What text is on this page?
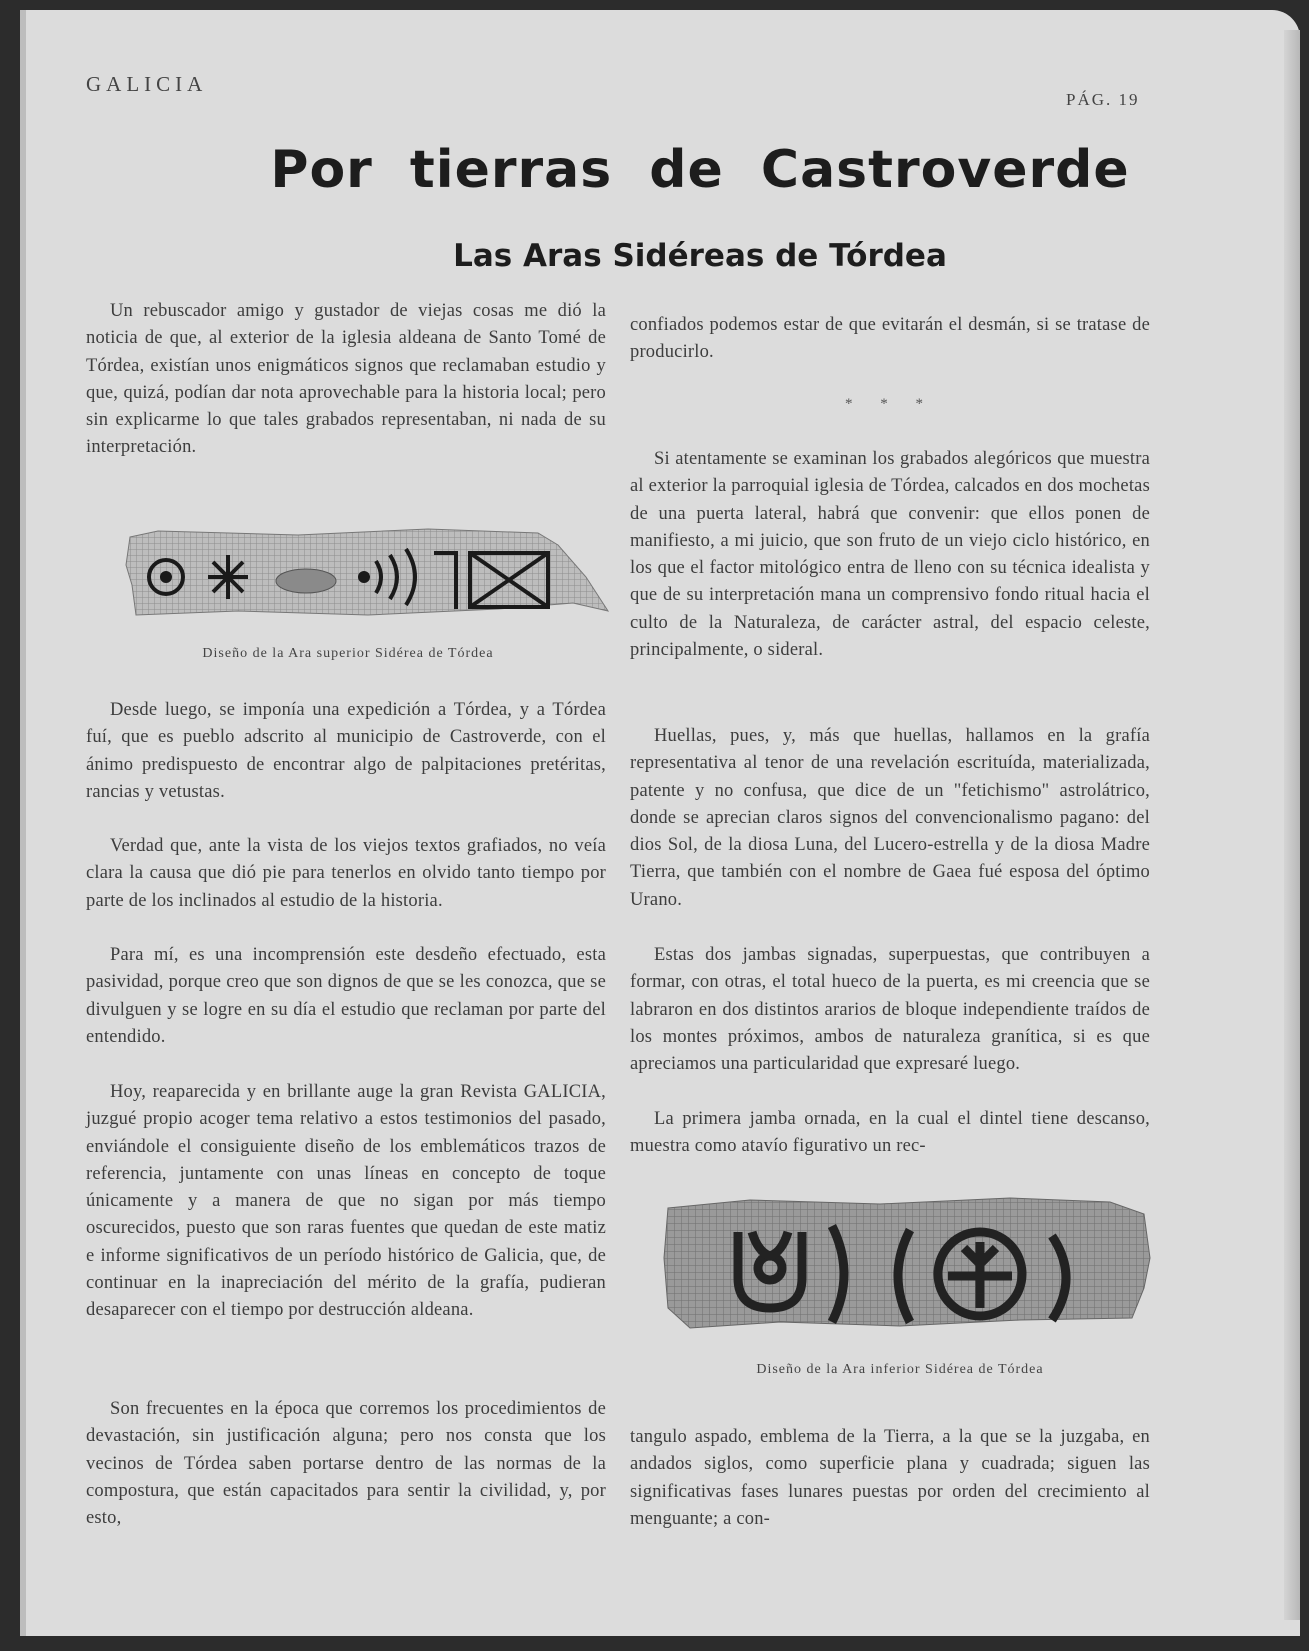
GALICIA
PÁG. 19
Por tierras de Castroverde
Las Aras Sidéreas de Tórdea

Un rebuscador amigo y gustador de viejas cosas me dió la noticia de que, al exterior de la iglesia aldeana de Santo Tomé de Tórdea, existían unos enigmáticos signos que reclamaban estudio y que, quizá, podían dar nota aprovechable para la historia local; pero sin explicarme lo que tales grabados representaban, ni nada de su interpretación.

Diseño de la Ara superior Sidérea de Tórdea

Desde luego, se imponía una expedición a Tórdea, y a Tórdea fuí, que es pueblo adscrito al municipio de Castroverde, con el ánimo predispuesto de encontrar algo de palpitaciones pretéritas, rancias y vetustas.

Verdad que, ante la vista de los viejos textos grafiados, no veía clara la causa que dió pie para tenerlos en olvido tanto tiempo por parte de los inclinados al estudio de la historia.

Para mí, es una incomprensión este desdeño efectuado, esta pasividad, porque creo que son dignos de que se les conozca, que se divulguen y se logre en su día el estudio que reclaman por parte del entendido.

Hoy, reaparecida y en brillante auge la gran Revista GALICIA, juzgué propio acoger tema relativo a estos testimonios del pasado, enviándole el consiguiente diseño de los emblemáticos trazos de referencia, juntamente con unas líneas en concepto de toque únicamente y a manera de que no sigan por más tiempo oscurecidos, puesto que son raras fuentes que quedan de este matiz e informe significativos de un período histórico de Galicia, que, de continuar en la inapreciación del mérito de la grafía, pudieran desaparecer con el tiempo por destrucción aldeana.

Son frecuentes en la época que corremos los procedimientos de devastación, sin justificación alguna; pero nos consta que los vecinos de Tórdea saben portarse dentro de las normas de la compostura, que están capacitados para sentir la civilidad, y, por esto,

confiados podemos estar de que evitarán el desmán, si se tratase de producirlo.

* * *

Si atentamente se examinan los grabados alegóricos que muestra al exterior la parroquial iglesia de Tórdea, calcados en dos mochetas de una puerta lateral, habrá que convenir: que ellos ponen de manifiesto, a mi juicio, que son fruto de un viejo ciclo histórico, en los que el factor mitológico entra de lleno con su técnica idealista y que de su interpretación mana un comprensivo fondo ritual hacia el culto de la Naturaleza, de carácter astral, del espacio celeste, principalmente, o sideral.

Huellas, pues, y, más que huellas, hallamos en la grafía representativa al tenor de una revelación escrituída, materializada, patente y no confusa, que dice de un "fetichismo" astrolátrico, donde se aprecian claros signos del convencionalismo pagano: del dios Sol, de la diosa Luna, del Lucero-estrella y de la diosa Madre Tierra, que también con el nombre de Gaea fué esposa del óptimo Urano.

Estas dos jambas signadas, superpuestas, que contribuyen a formar, con otras, el total hueco de la puerta, es mi creencia que se labraron en dos distintos ararios de bloque independiente traídos de los montes próximos, ambos de naturaleza granítica, si es que apreciamos una particularidad que expresaré luego.

La primera jamba ornada, en la cual el dintel tiene descanso, muestra como atavío figurativo un rec-

Diseño de la Ara inferior Sidérea de Tórdea

tangulo aspado, emblema de la Tierra, a la que se la juzgaba, en andados siglos, como superficie plana y cuadrada; siguen las significativas fases lunares puestas por orden del crecimiento al menguante; a con-
